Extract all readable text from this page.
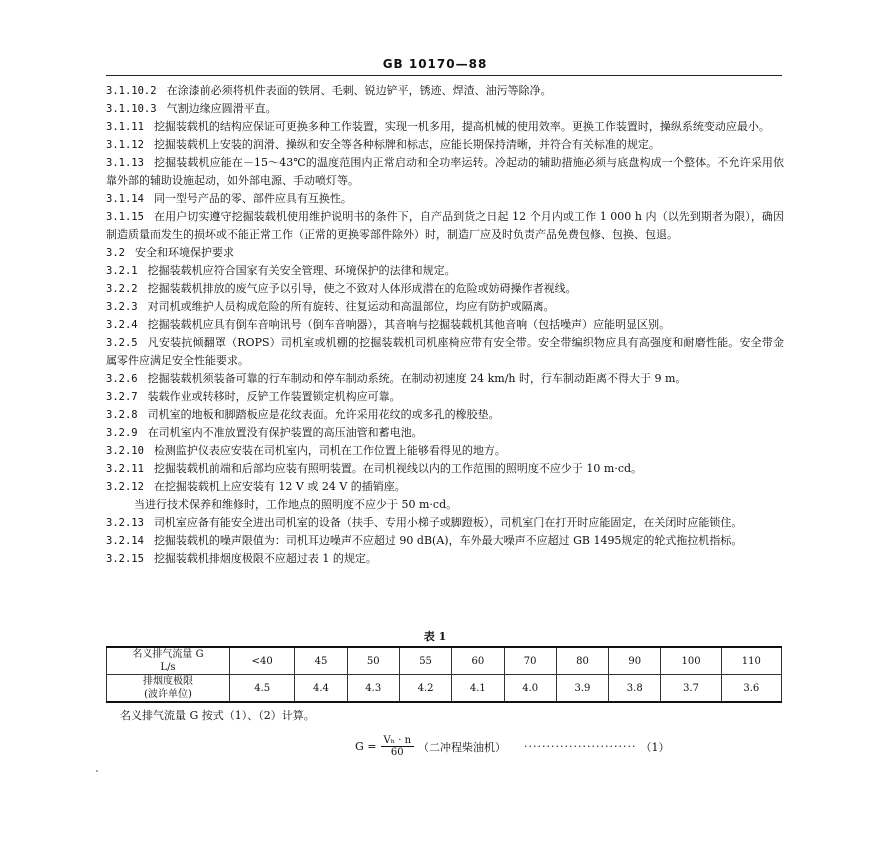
GB 10170—88

3.1.10.2 在涂漆前必须将机件表面的铁屑、毛刺、锐边铲平，锈迹、焊渣、油污等除净。

3.1.10.3 气割边缘应圆滑平直。

3.1.11 挖掘装载机的结构应保证可更换多种工作装置，实现一机多用，提高机械的使用效率。更换工作装置时，操纵系统变动应最小。

3.1.12 挖掘装载机上安装的润滑、操纵和安全等各种标牌和标志，应能长期保持清晰，并符合有关标准的规定。

3.1.13 挖掘装载机应能在－15～43℃的温度范围内正常启动和全功率运转。冷起动的辅助措施必须与底盘构成一个整体。不允许采用依靠外部的辅助设施起动，如外部电源、手动喷灯等。

3.1.14 同一型号产品的零、部件应具有互换性。

3.1.15 在用户切实遵守挖掘装载机使用维护说明书的条件下，自产品到货之日起 12 个月内或工作 1 000 h 内（以先到期者为限），确因制造质量而发生的损坏或不能正常工作（正常的更换零部件除外）时，制造厂应及时负责产品免费包修、包换、包退。

3.2 安全和环境保护要求

3.2.1 挖掘装载机应符合国家有关安全管理、环境保护的法律和规定。

3.2.2 挖掘装载机排放的废气应予以引导，使之不致对人体形成潜在的危险或妨碍操作者视线。

3.2.3 对司机或维护人员构成危险的所有旋转、往复运动和高温部位，均应有防护或隔离。

3.2.4 挖掘装载机应具有倒车音响讯号（倒车音响器），其音响与挖掘装载机其他音响（包括噪声）应能明显区别。

3.2.5 凡安装抗倾翻罩（ROPS）司机室或机棚的挖掘装载机司机座椅应带有安全带。安全带编织物应具有高强度和耐磨性能。安全带金属零件应满足安全性能要求。

3.2.6 挖掘装载机须装备可靠的行车制动和停车制动系统。在制动初速度 24 km/h 时，行车制动距离不得大于 9 m。

3.2.7 装载作业或转移时，反铲工作装置锁定机构应可靠。

3.2.8 司机室的地板和脚踏板应是花纹表面。允许采用花纹的或多孔的橡胶垫。

3.2.9 在司机室内不准放置没有保护装置的高压油管和蓄电池。

3.2.10 检测监护仪表应安装在司机室内，司机在工作位置上能够看得见的地方。

3.2.11 挖掘装载机前端和后部均应装有照明装置。在司机视线以内的工作范围的照明度不应少于 10 m·cd。

3.2.12 在挖掘装载机上应安装有 12 V 或 24 V 的插销座。

当进行技术保养和维修时，工作地点的照明度不应少于 50 m·cd。

3.2.13 司机室应备有能安全进出司机室的设备（扶手、专用小梯子或脚蹬板），司机室门在打开时应能固定，在关闭时应能锁住。

3.2.14 挖掘装载机的噪声限值为：司机耳边噪声不应超过 90 dB(A)，车外最大噪声不应超过 GB 1495规定的轮式拖拉机指标。

3.2.15 挖掘装载机排烟度极限不应超过表 1 的规定。

表 1
名义排气流量 G
L/s	<40	45	50	55	60	70	80	90	100	110

排烟度极限
(波许单位)	4.5	4.4	4.3	4.2	4.1	4.0	3.9	3.8	3.7	3.6
名义排气流量 G 按式（1）、（2）计算。
$G = \frac{\text{Vₕ · n}}{60}$ （二冲程柴油机） ························· （1）
